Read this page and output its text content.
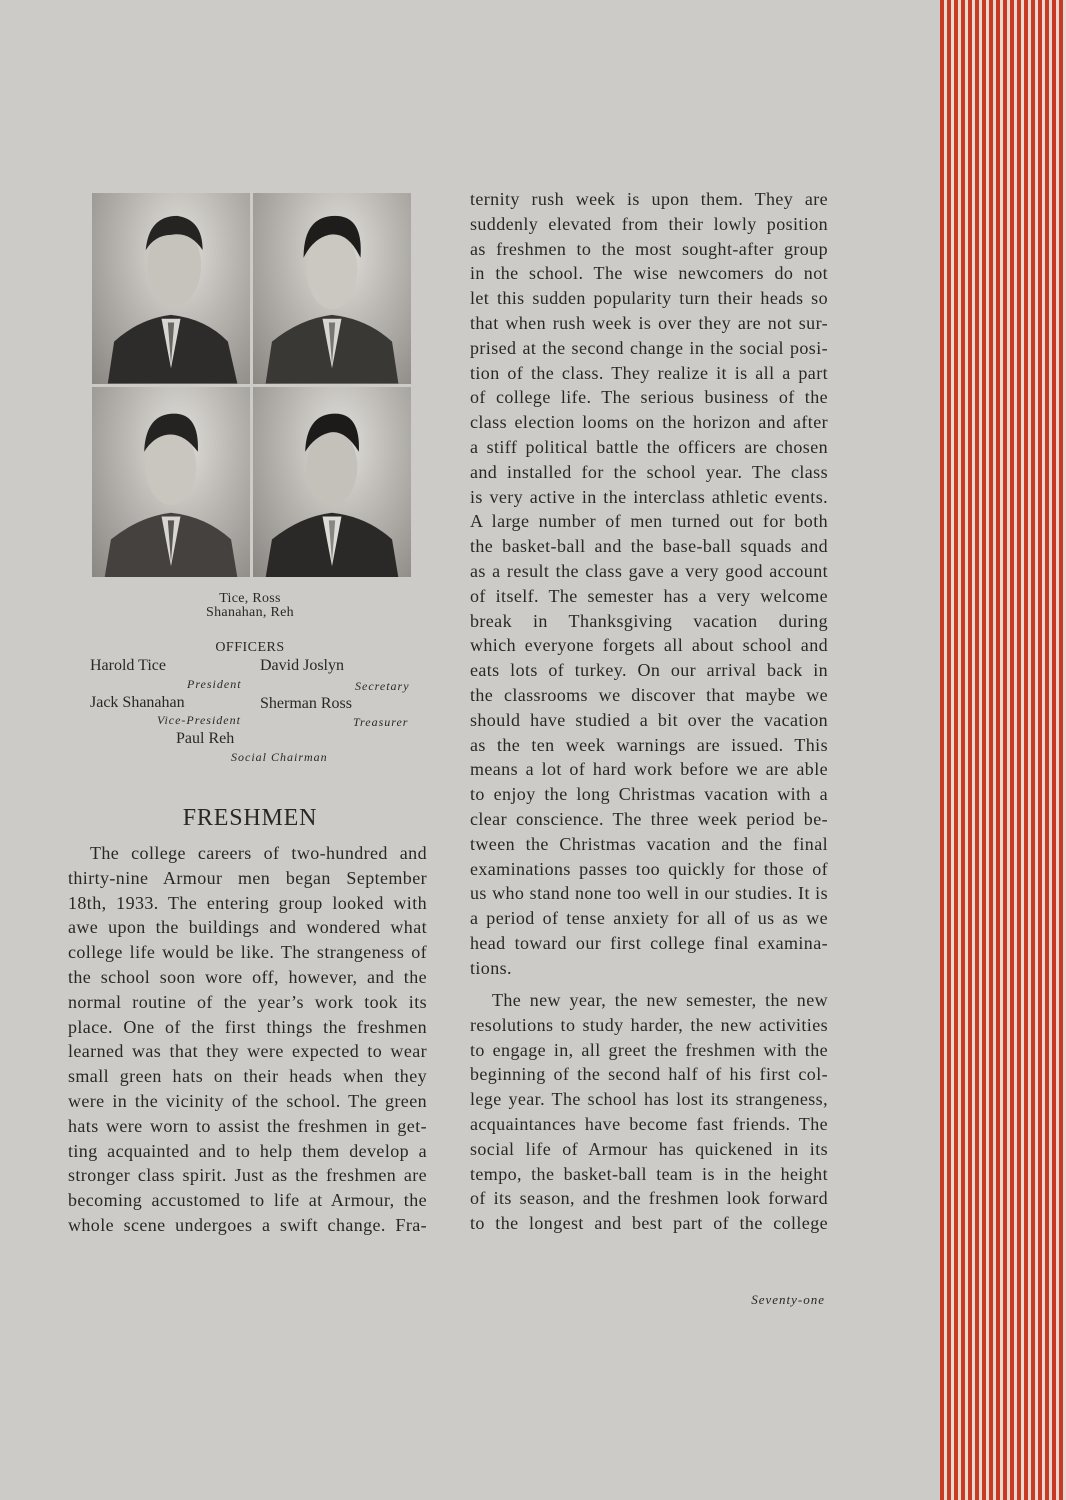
Tice, Ross
Shanahan, Reh
OFFICERS
Harold Tice
President
David Joslyn
Secretary
Jack Shanahan
Vice-President
Sherman Ross
Treasurer
Paul Reh
Social Chairman
FRESHMEN
The college careers of two-hundred and
thirty-nine Armour men began September
18th, 1933. The entering group looked with
awe upon the buildings and wondered what
college life would be like. The strangeness of
the school soon wore off, however, and the
normal routine of the year’s work took its
place. One of the first things the freshmen
learned was that they were expected to wear
small green hats on their heads when they
were in the vicinity of the school. The green
hats were worn to assist the freshmen in get-
ting acquainted and to help them develop a
stronger class spirit. Just as the freshmen are
becoming accustomed to life at Armour, the
whole scene undergoes a swift change. Fra-
ternity rush week is upon them. They are
suddenly elevated from their lowly position
as freshmen to the most sought-after group
in the school. The wise newcomers do not
let this sudden popularity turn their heads so
that when rush week is over they are not sur-
prised at the second change in the social posi-
tion of the class. They realize it is all a part
of college life. The serious business of the
class election looms on the horizon and after
a stiff political battle the officers are chosen
and installed for the school year. The class
is very active in the interclass athletic events.
A large number of men turned out for both
the basket-ball and the base-ball squads and
as a result the class gave a very good account
of itself. The semester has a very welcome
break in Thanksgiving vacation during
which everyone forgets all about school and
eats lots of turkey. On our arrival back in
the classrooms we discover that maybe we
should have studied a bit over the vacation
as the ten week warnings are issued. This
means a lot of hard work before we are able
to enjoy the long Christmas vacation with a
clear conscience. The three week period be-
tween the Christmas vacation and the final
examinations passes too quickly for those of
us who stand none too well in our studies. It is
a period of tense anxiety for all of us as we
head toward our first college final examina-
tions.
The new year, the new semester, the new
resolutions to study harder, the new activities
to engage in, all greet the freshmen with the
beginning of the second half of his first col-
lege year. The school has lost its strangeness,
acquaintances have become fast friends. The
social life of Armour has quickened in its
tempo, the basket-ball team is in the height
of its season, and the freshmen look forward
to the longest and best part of the college
Seventy-one
